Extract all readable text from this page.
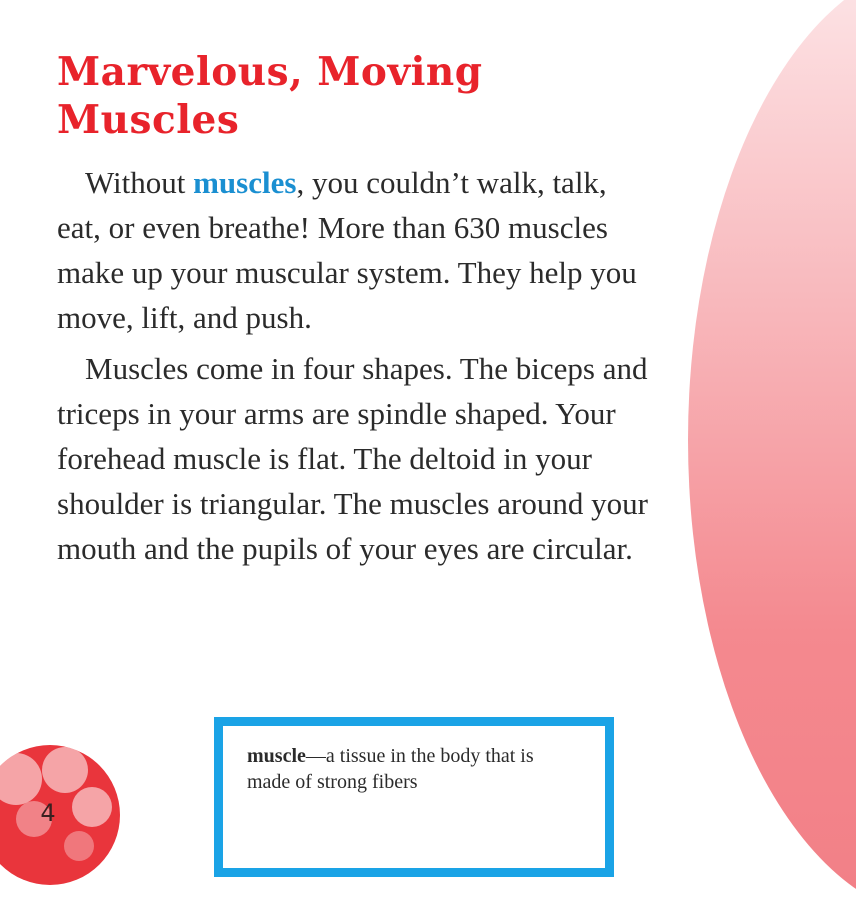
Marvelous, Moving Muscles

Without muscles, you couldn’t walk, talk, eat, or even breathe! More than 630 muscles make up your muscular system. They help you move, lift, and push.

Muscles come in four shapes. The biceps and triceps in your arms are spindle shaped. Your forehead muscle is flat. The deltoid in your shoulder is triangular. The muscles around your mouth and the pupils of your eyes are circular.

muscle—a tissue in the body that is made of strong fibers
4
